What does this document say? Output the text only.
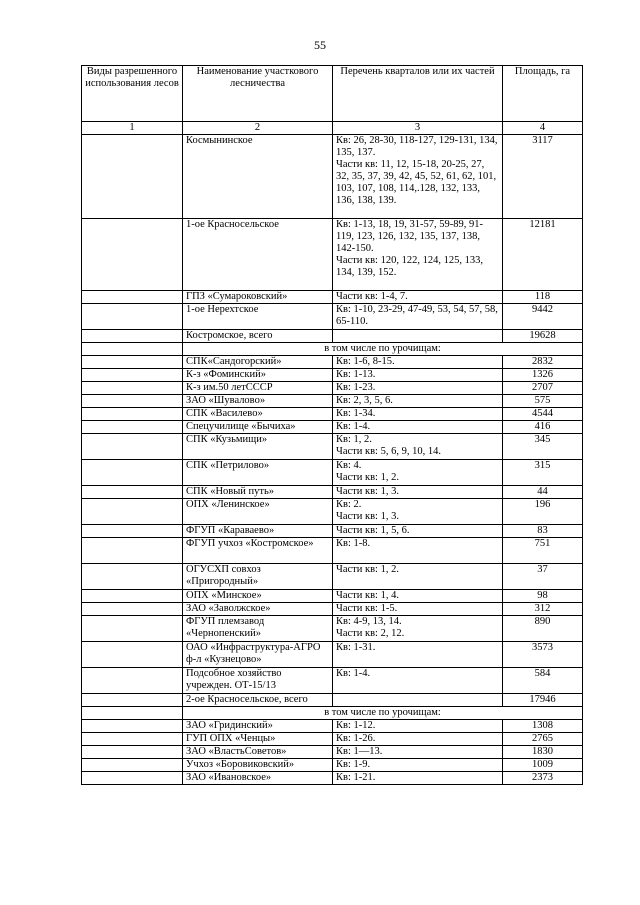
55
Виды разрешенного использования лесов	Наименование участкового лесничества	Перечень кварталов или их частей	Площадь, га
1	2	3	4
	Космынинское	Кв: 26, 28-30, 118-127, 129-131, 134, 135, 137.
Части кв: 11, 12, 15-18, 20-25, 27, 32, 35, 37, 39, 42, 45, 52, 61, 62, 101, 103, 107, 108, 114,.128, 132, 133, 136, 138, 139.	3117
	1-ое Красносельское	Кв: 1-13, 18, 19, 31-57, 59-89, 91-119, 123, 126, 132, 135, 137, 138, 142-150.
Части кв: 120, 122, 124, 125, 133, 134, 139, 152.	12181
	ГПЗ «Сумароковский»	Части кв: 1-4, 7.	118
	1-ое Нерехтское	Кв: 1-10, 23-29, 47-49, 53, 54, 57, 58, 65-110.	9442
	Костромское, всего		19628
	в том числе по урочищам:		
	СПК«Сандогорский»	Кв: 1-6, 8-15.	2832
	К-з «Фоминский»	Кв: 1-13.	1326
	К-з им.50 летСССР	Кв: 1-23.	2707
	ЗАО «Шувалово»	Кв: 2, 3, 5, 6.	575
	СПК «Василево»	Кв: 1-34.	4544
	Спецучилище «Бычиха»	Кв: 1-4.	416
	СПК «Кузьмищи»	Кв: 1, 2.
Части кв: 5, 6, 9, 10, 14.	345
	СПК «Петрилово»	Кв: 4.
Части кв: 1, 2.	315
	СПК «Новый путь»	Части кв: 1, 3.	44
	ОПХ «Ленинское»	Кв: 2.
Части кв: 1, 3.	196
	ФГУП «Караваево»	Части кв: 1, 5, 6.	83
	ФГУП учхоз «Костромское»	Кв: 1-8.	751
	ОГУСХП совхоз «Пригородный»	Части кв: 1, 2.	37
	ОПХ «Минское»	Части кв: 1, 4.	98
	ЗАО «Заволжское»	Части кв: 1-5.	312
	ФГУП племзавод «Чернопенский»	Кв: 4-9, 13, 14.
Части кв: 2, 12.	890
	ОАО «Инфраструктура-АГРО ф-л «Кузнецово»	Кв: 1-31.	3573
	Подсобное хозяйство учрежден. ОТ-15/13	Кв: 1-4.	584
	2-ое Красносельское, всего		17946
	в том числе по урочищам:		
	ЗАО «Гридинский»	Кв: 1-12.	1308
	ГУП ОПХ «Ченцы»	Кв: 1-26.	2765
	ЗАО «ВластьСоветов»	Кв: 1—13.	1830
	Учхоз «Боровиковский»	Кв: 1-9.	1009
	ЗАО «Ивановское»	Кв: 1-21.	2373
